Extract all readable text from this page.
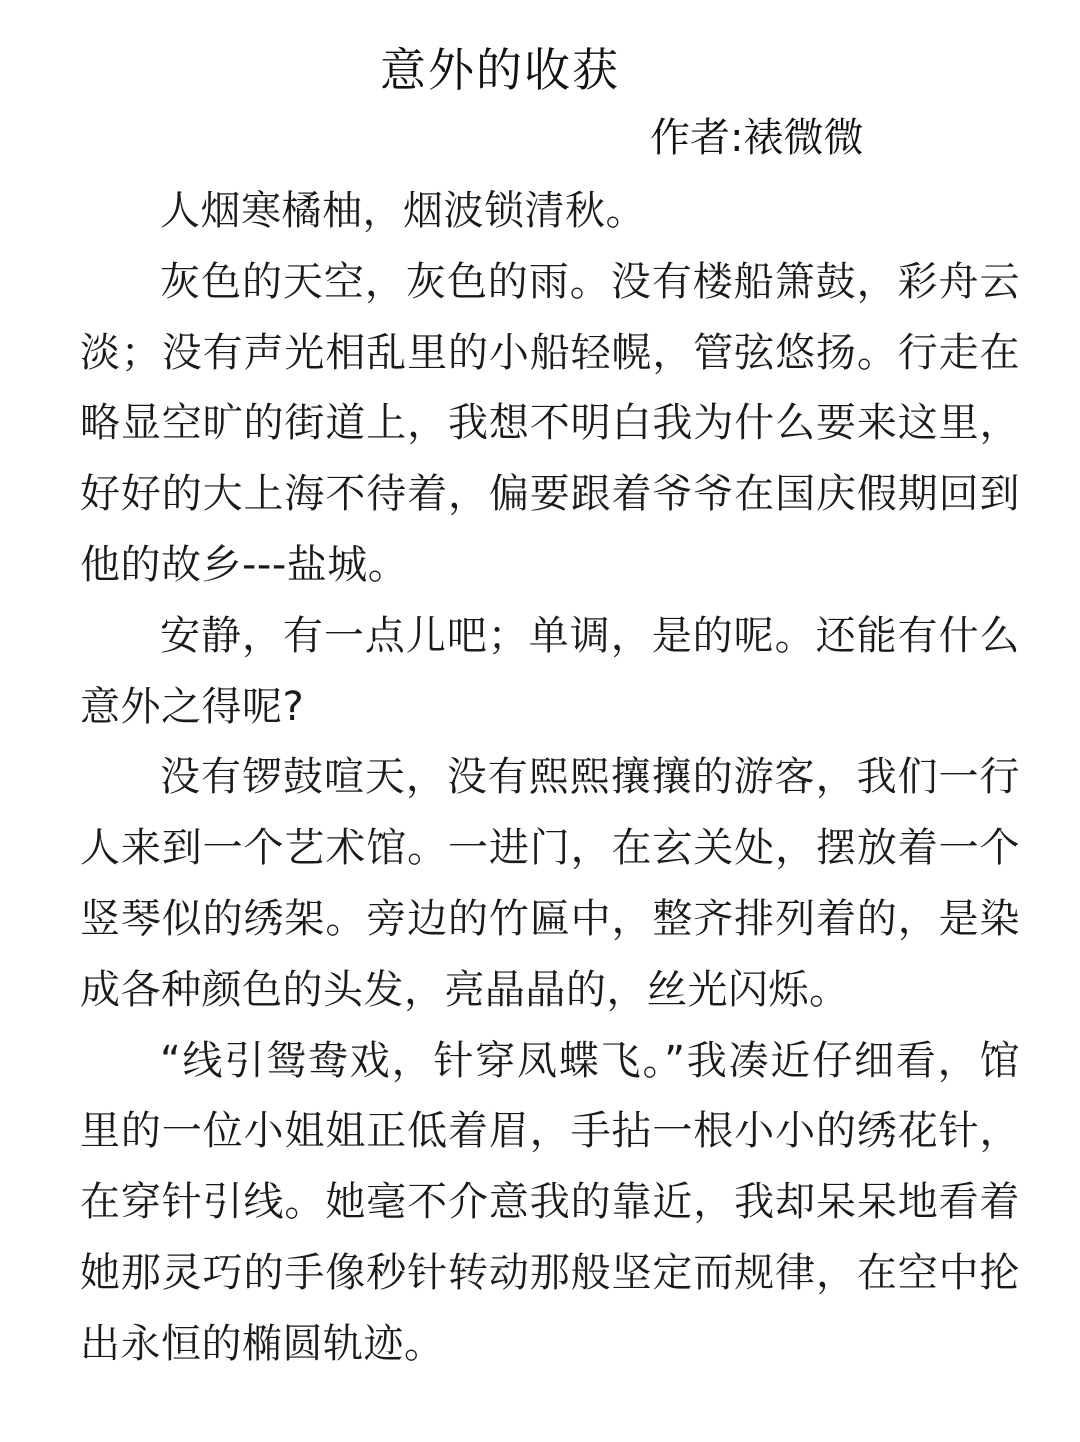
意外的收获
作者:裱微微

人烟寒橘柚，烟波锁清秋。

灰色的天空，灰色的雨。没有楼船箫鼓，彩舟云淡；没有声光相乱里的小船轻幌，管弦悠扬。行走在略显空旷的街道上，我想不明白我为什么要来这里，好好的大上海不待着，偏要跟着爷爷在国庆假期回到他的故乡---盐城。

安静，有一点儿吧；单调，是的呢。还能有什么意外之得呢?

没有锣鼓喧天，没有熙熙攘攘的游客，我们一行人来到一个艺术馆。一进门，在玄关处，摆放着一个竖琴似的绣架。旁边的竹匾中，整齐排列着的，是染成各种颜色的头发，亮晶晶的，丝光闪烁。

“线引鸳鸯戏，针穿凤蝶飞。”我凑近仔细看，馆里的一位小姐姐正低着眉，手拈一根小小的绣花针，在穿针引线。她毫不介意我的靠近，我却呆呆地看着她那灵巧的手像秒针转动那般坚定而规律，在空中抡出永恒的椭圆轨迹。
